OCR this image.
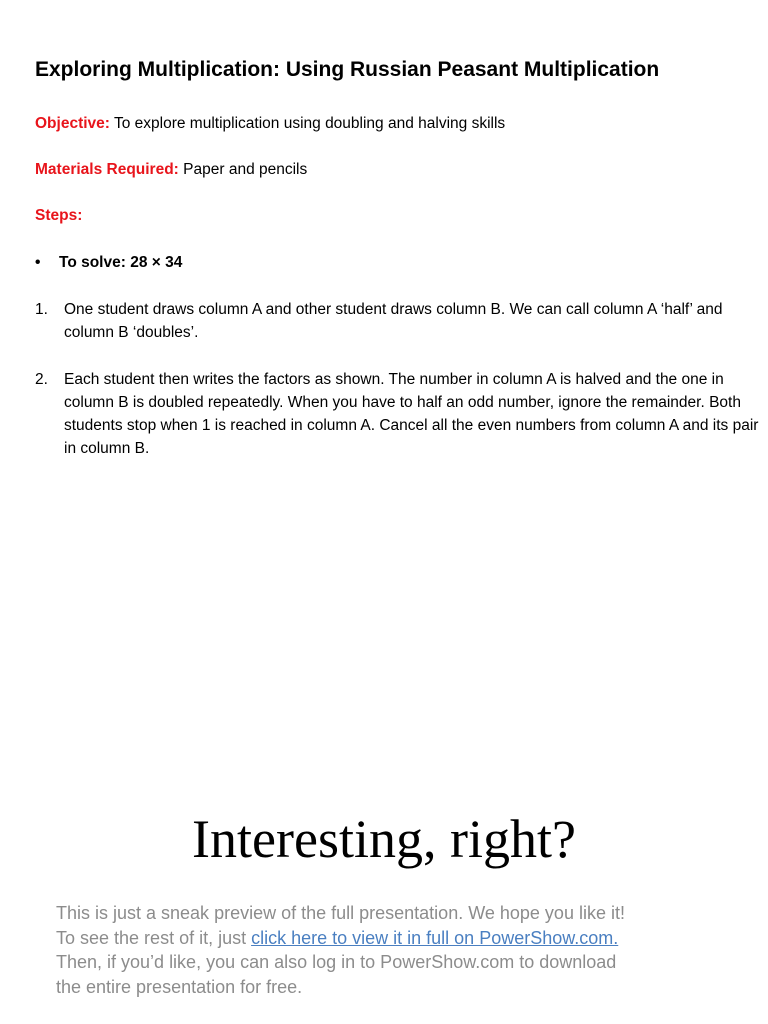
Exploring Multiplication: Using Russian Peasant Multiplication
Objective: To explore multiplication using doubling and halving skills
Materials Required: Paper and pencils
Steps:
• To solve: 28 × 34
1. One student draws column A and other student draws column B. We can call column A ‘half’ and column B ‘doubles’.
2. Each student then writes the factors as shown. The number in column A is halved and the one in column B is doubled repeatedly. When you have to half an odd number, ignore the remainder. Both students stop when 1 is reached in column A. Cancel all the even numbers from column A and its pair in column B.
Interesting, right?
This is just a sneak preview of the full presentation. We hope you like it!
To see the rest of it, just click here to view it in full on PowerShow.com.
Then, if you’d like, you can also log in to PowerShow.com to download
the entire presentation for free.
